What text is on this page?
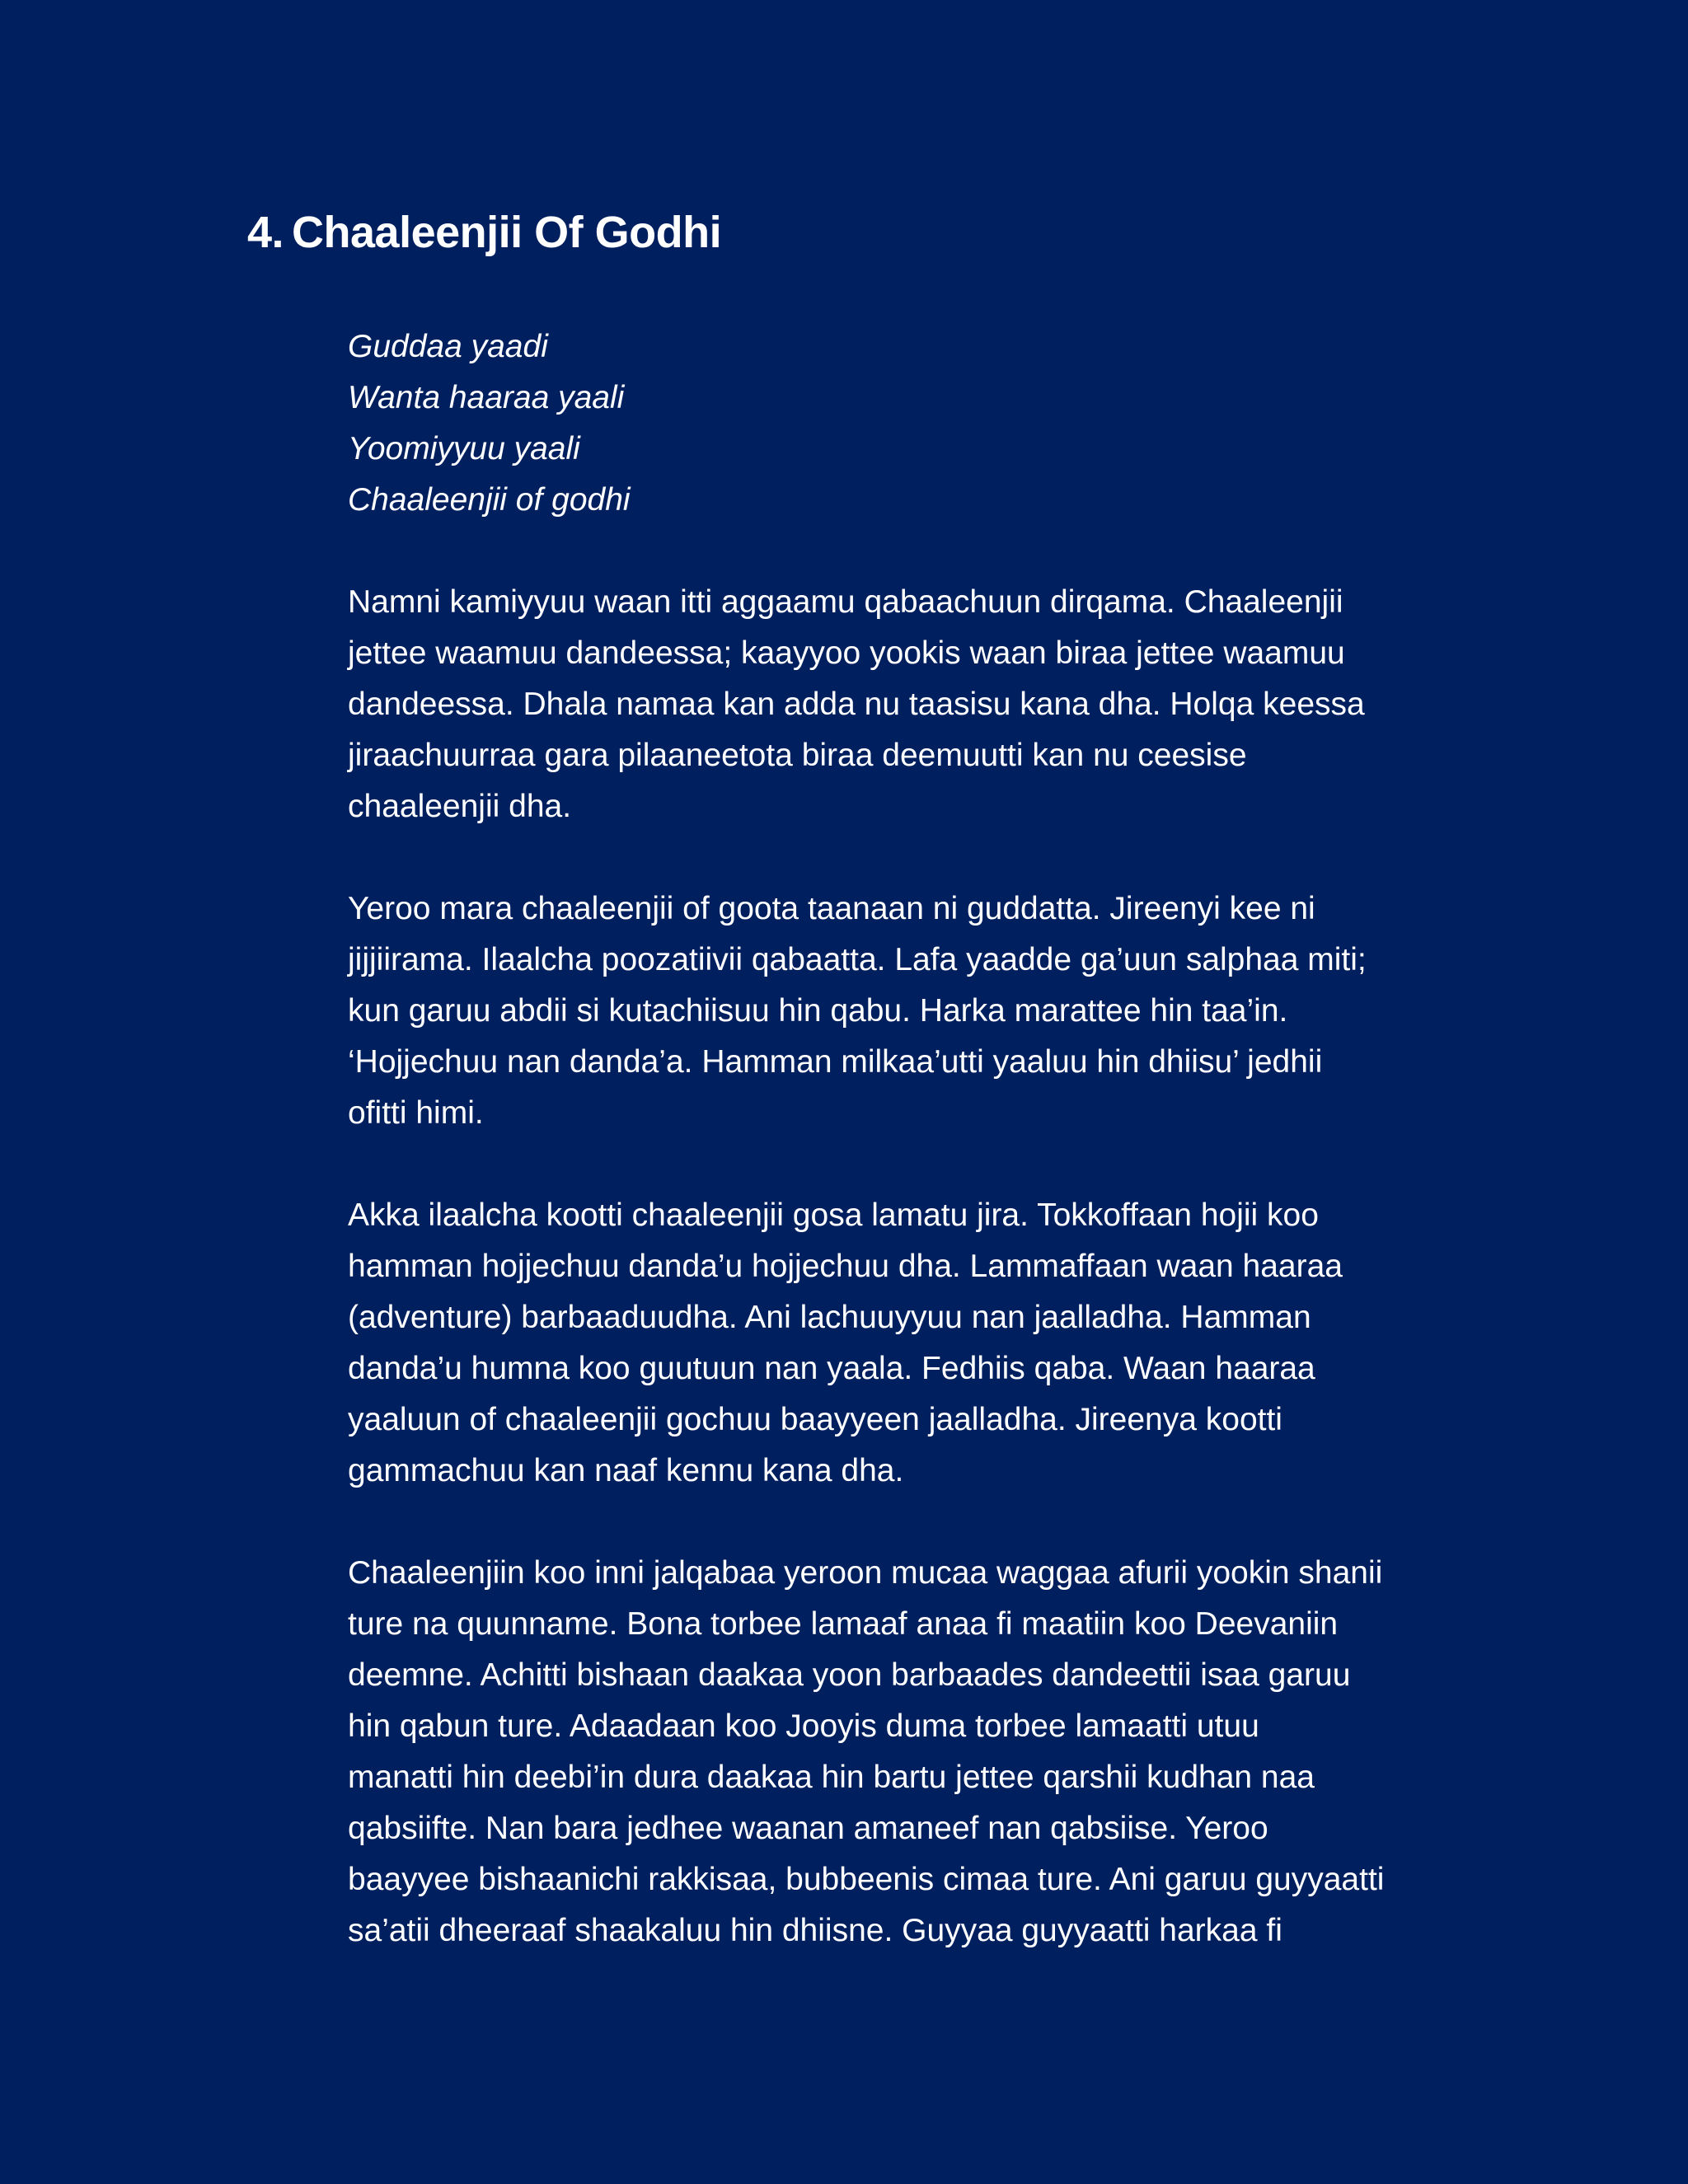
4. Chaaleenjii Of Godhi
Guddaa yaadi
Wanta haaraa yaali
Yoomiyyuu yaali
Chaaleenjii of godhi
Namni kamiyyuu waan itti aggaamu qabaachuun dirqama. Chaaleenjii
jettee waamuu dandeessa; kaayyoo yookis waan biraa jettee waamuu
dandeessa. Dhala namaa kan adda nu taasisu kana dha. Holqa keessa
jiraachuurraa gara pilaaneetota biraa deemuutti kan nu ceesise
chaaleenjii dha.
Yeroo mara chaaleenjii of goota taanaan ni guddatta. Jireenyi kee ni
jijjiirama. Ilaalcha poozatiivii qabaatta. Lafa yaadde ga’uun salphaa miti;
kun garuu abdii si kutachiisuu hin qabu. Harka marattee hin taa’in.
‘Hojjechuu nan danda’a. Hamman milkaa’utti yaaluu hin dhiisu’ jedhii
ofitti himi.
Akka ilaalcha kootti chaaleenjii gosa lamatu jira. Tokkoffaan hojii koo
hamman hojjechuu danda’u hojjechuu dha. Lammaffaan waan haaraa
(adventure) barbaaduudha. Ani lachuuyyuu nan jaalladha. Hamman
danda’u humna koo guutuun nan yaala. Fedhiis qaba. Waan haaraa
yaaluun of chaaleenjii gochuu baayyeen jaalladha. Jireenya kootti
gammachuu kan naaf kennu kana dha.
Chaaleenjiin koo inni jalqabaa yeroon mucaa waggaa afurii yookin shanii
ture na quunname. Bona torbee lamaaf anaa fi maatiin koo Deevaniin
deemne. Achitti bishaan daakaa yoon barbaades dandeettii isaa garuu
hin qabun ture. Adaadaan koo Jooyis duma torbee lamaatti utuu
manatti hin deebi’in dura daakaa hin bartu jettee qarshii kudhan naa
qabsiifte. Nan bara jedhee waanan amaneef nan qabsiise. Yeroo
baayyee bishaanichi rakkisaa, bubbeenis cimaa ture. Ani garuu guyyaatti
sa’atii dheeraaf shaakaluu hin dhiisne. Guyyaa guyyaatti harkaa fi
